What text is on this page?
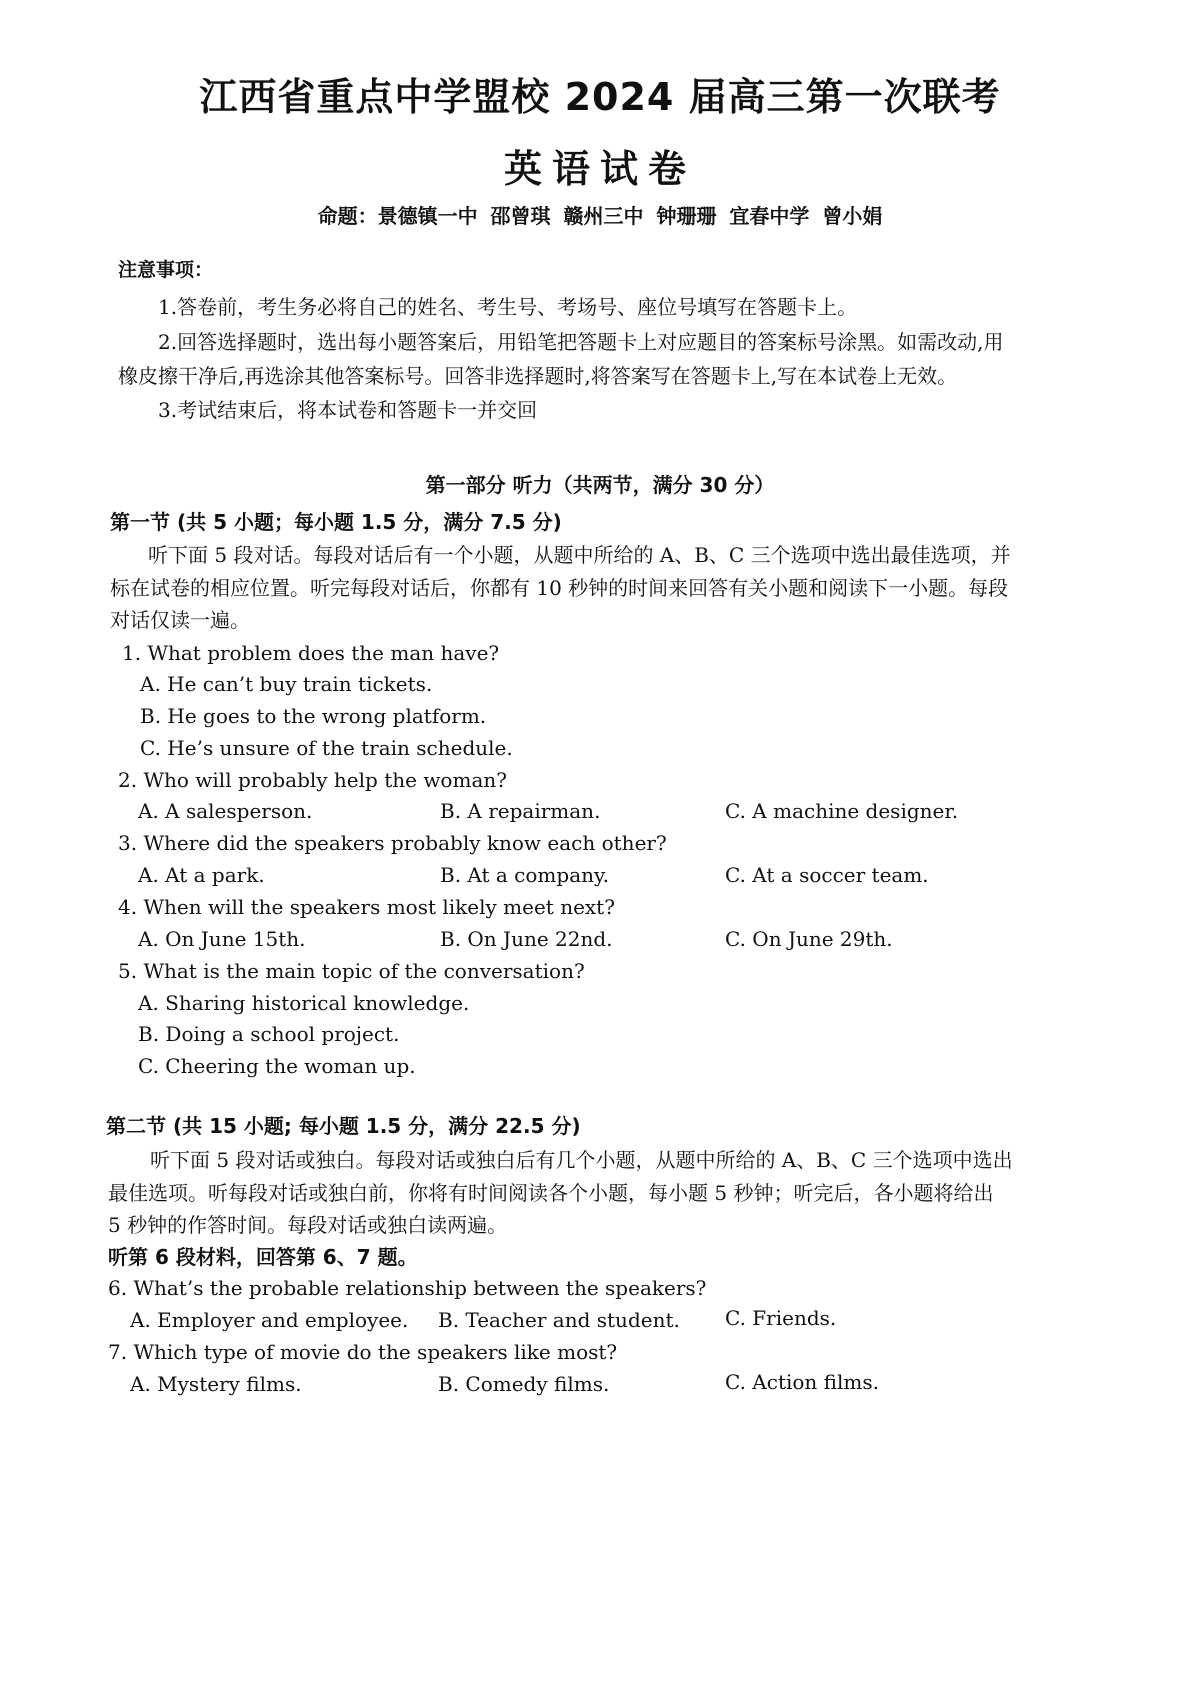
江西省重点中学盟校 2024 届高三第一次联考
英语试卷
命题：景德镇一中 邵曾琪 赣州三中 钟珊珊 宜春中学 曾小娟
注意事项：
1.答卷前，考生务必将自己的姓名、考生号、考场号、座位号填写在答题卡上。
2.回答选择题时，选出每小题答案后，用铅笔把答题卡上对应题目的答案标号涂黑。如需改动,用
橡皮擦干净后,再选涂其他答案标号。回答非选择题时,将答案写在答题卡上,写在本试卷上无效。
3.考试结束后，将本试卷和答题卡一并交回
第一部分 听力（共两节，满分 30 分）
第一节 (共 5 小题；每小题 1.5 分，满分 7.5 分)
听下面 5 段对话。每段对话后有一个小题，从题中所给的 A、B、C 三个选项中选出最佳选项，并
标在试卷的相应位置。听完每段对话后，你都有 10 秒钟的时间来回答有关小题和阅读下一小题。每段
对话仅读一遍。
1. What problem does the man have?
A. He can’t buy train tickets.
B. He goes to the wrong platform.
C. He’s unsure of the train schedule.
2. Who will probably help the woman?
A. A salesperson.	B. A repairman.	C. A machine designer.
3. Where did the speakers probably know each other?
A. At a park.	B. At a company.	C. At a soccer team.
4. When will the speakers most likely meet next?
A. On June 15th.	B. On June 22nd.	C. On June 29th.
5. What is the main topic of the conversation?
A. Sharing historical knowledge.
B. Doing a school project.
C. Cheering the woman up.
第二节 (共 15 小题; 每小题 1.5 分，满分 22.5 分)
听下面 5 段对话或独白。每段对话或独白后有几个小题，从题中所给的 A、B、C 三个选项中选出
最佳选项。听每段对话或独白前，你将有时间阅读各个小题，每小题 5 秒钟；听完后，各小题将给出
5 秒钟的作答时间。每段对话或独白读两遍。
听第 6 段材料，回答第 6、7 题。
6. What’s the probable relationship between the speakers?
A. Employer and employee. B. Teacher and student. C. Friends.
7. Which type of movie do the speakers like most?
A. Mystery films.	B. Comedy films.	C. Action films.
